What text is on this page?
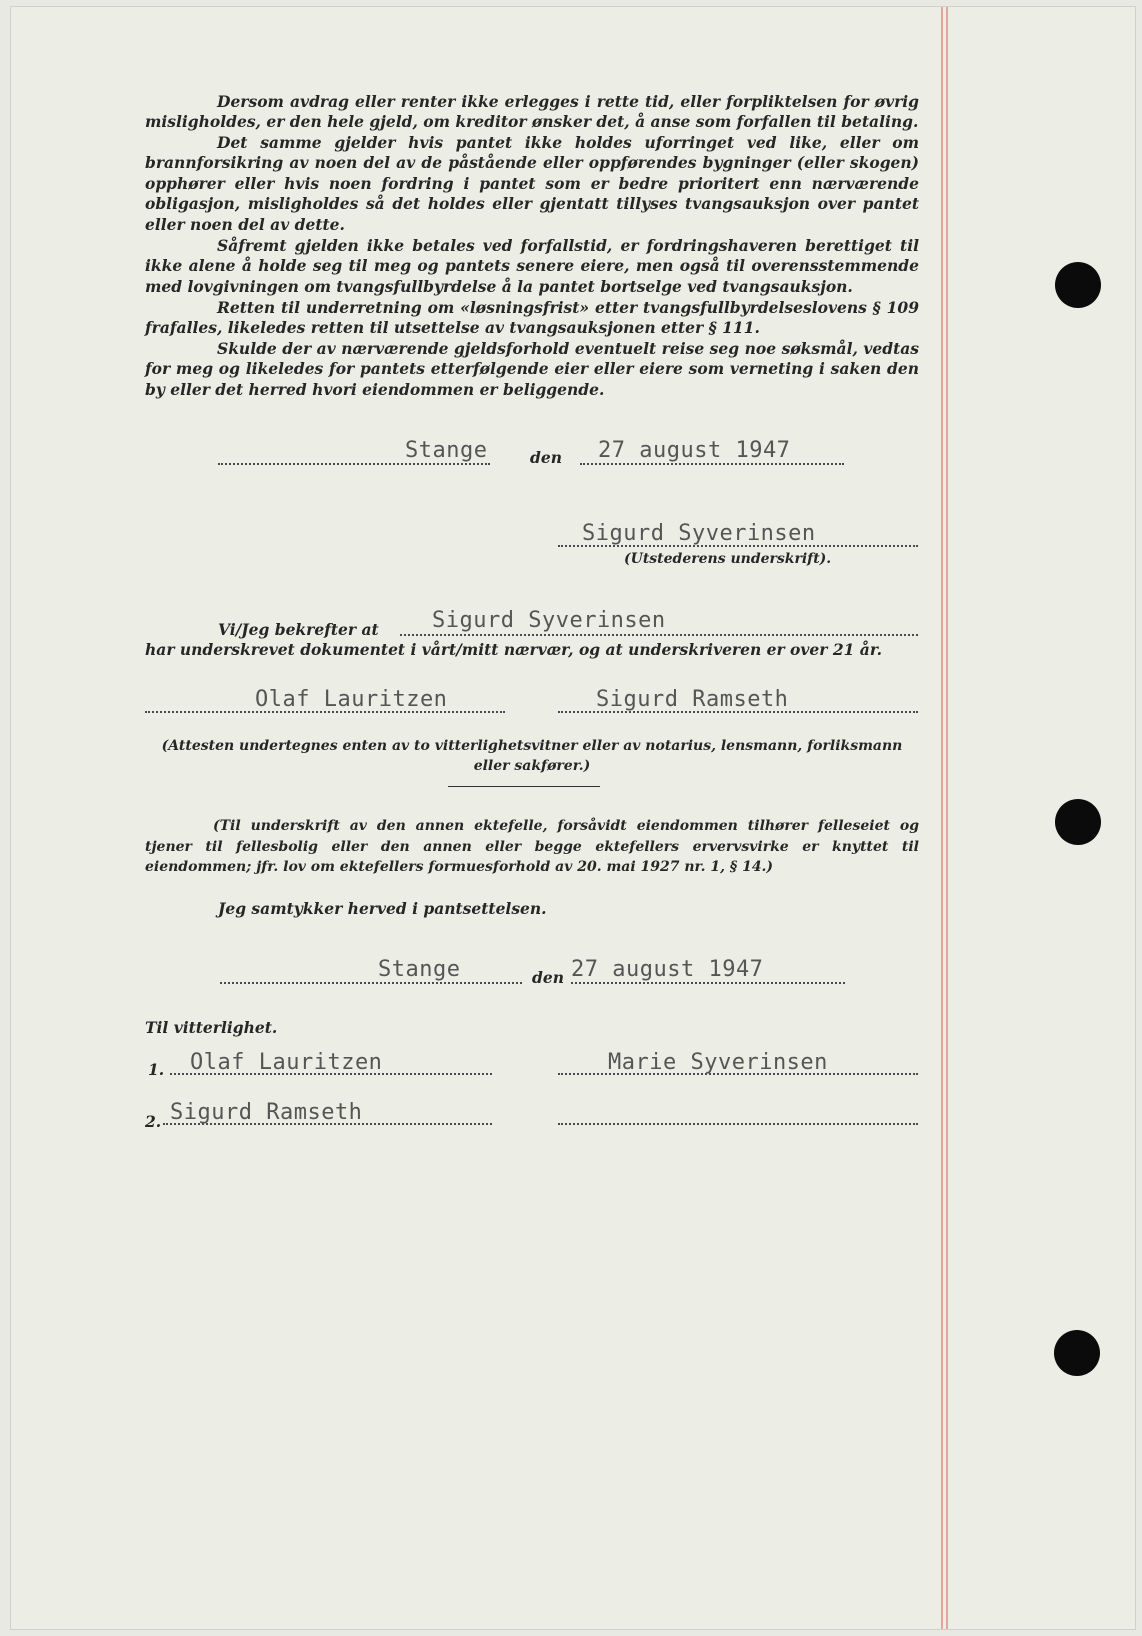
Dersom avdrag eller renter ikke erlegges i rette tid, eller forpliktelsen for øvrig misligholdes, er den hele gjeld, om kreditor ønsker det, å anse som forfallen til betaling.

Det samme gjelder hvis pantet ikke holdes uforringet ved like, eller om brannforsikring av noen del av de påstående eller oppførendes bygninger (eller skogen) opphører eller hvis noen fordring i pantet som er bedre prioritert enn nærværende obligasjon, misligholdes så det holdes eller gjentatt tillyses tvangsauksjon over pantet eller noen del av dette.

Såfremt gjelden ikke betales ved forfallstid, er fordringshaveren berettiget til ikke alene å holde seg til meg og pantets senere eiere, men også til overensstemmende med lovgivningen om tvangsfullbyrdelse å la pantet bortselge ved tvangsauksjon.

Retten til underretning om «løsningsfrist» etter tvangsfullbyrdelseslovens § 109 frafalles, likeledes retten til utsettelse av tvangsauksjonen etter § 111.

Skulde der av nærværende gjeldsforhold eventuelt reise seg noe søksmål, vedtas for meg og likeledes for pantets etterfølgende eier eller eiere som verneting i saken den by eller det herred hvori eiendommen er beliggende.

Stange	den 27 august 1947
Sigurd Syverinsen
(Utstederens underskrift).
Vi/Jeg bekrefter at Sigurd Syverinsen
har underskrevet dokumentet i vårt/mitt nærvær, og at underskriveren er over 21 år.
Olaf Lauritzen	Sigurd Ramseth

(Attesten undertegnes enten av to vitterlighetsvitner eller av notarius, lensmann, forliksmann eller sakfører.)

(Til underskrift av den annen ektefelle, forsåvidt eiendommen tilhører felleseiet og tjener til fellesbolig eller den annen eller begge ektefellers ervervsvirke er knyttet til eiendommen; jfr. lov om ektefellers formuesforhold av 20. mai 1927 nr. 1, § 14.)

Jeg samtykker herved i pantsettelsen.
Stange	den 27 august 1947
Til vitterlighet.
1. Olaf Lauritzen	Marie Syverinsen
2. Sigurd Ramseth
